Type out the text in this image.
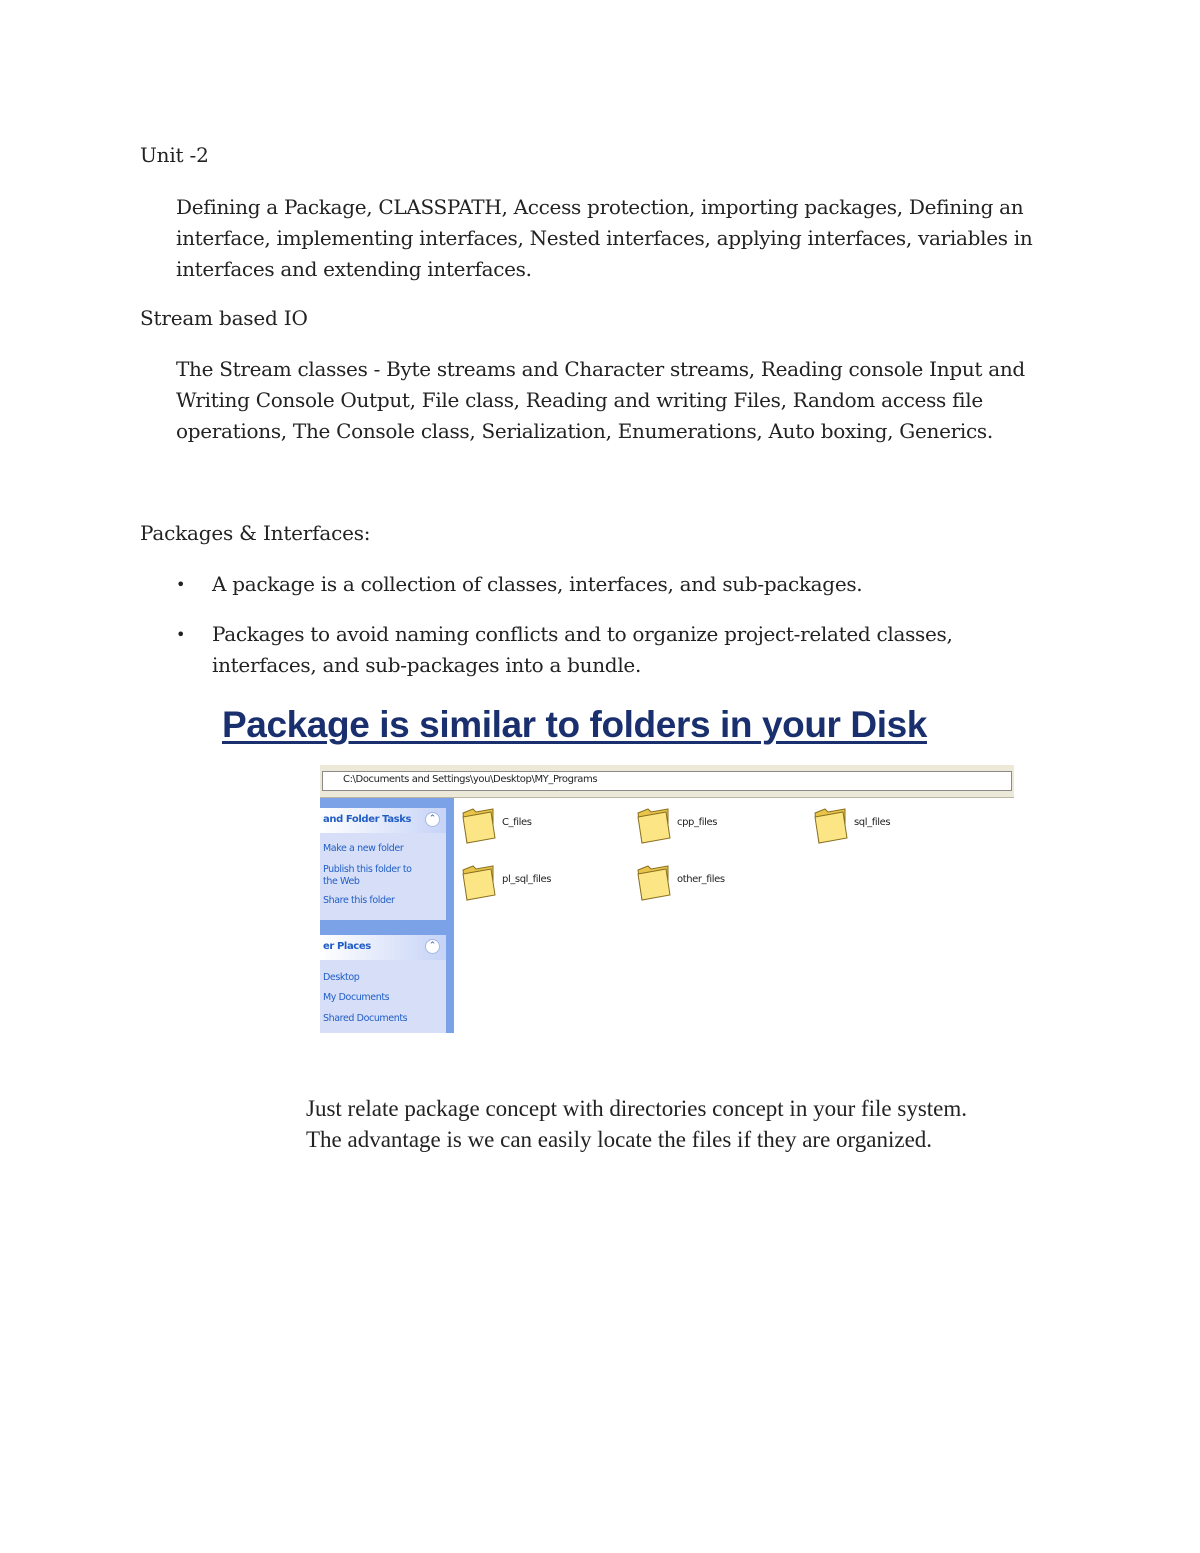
Unit -2
Defining a Package, CLASSPATH, Access protection, importing packages, Defining an interface, implementing interfaces, Nested interfaces, applying interfaces, variables in interfaces and extending interfaces.
Stream based IO
The Stream classes - Byte streams and Character streams, Reading console Input and Writing Console Output, File class, Reading and writing Files, Random access file operations, The Console class, Serialization, Enumerations, Auto boxing, Generics.
Packages & Interfaces:
•	A package is a collection of classes, interfaces, and sub-packages.
•	Packages to avoid naming conflicts and to organize project-related classes, interfaces, and sub-packages into a bundle.
Package is similar to folders in your Disk
C:\Documents and Settings\you\Desktop\MY_Programs
and Folder Tasks	⌃
Make a new folder
Publish this folder to the Web
Share this folder
er Places	⌃
Desktop
My Documents
Shared Documents
C_files	cpp_files	sql_files
pl_sql_files	other_files
Just relate package concept with directories concept in your file system.
The advantage is we can easily locate the files if they are organized.
